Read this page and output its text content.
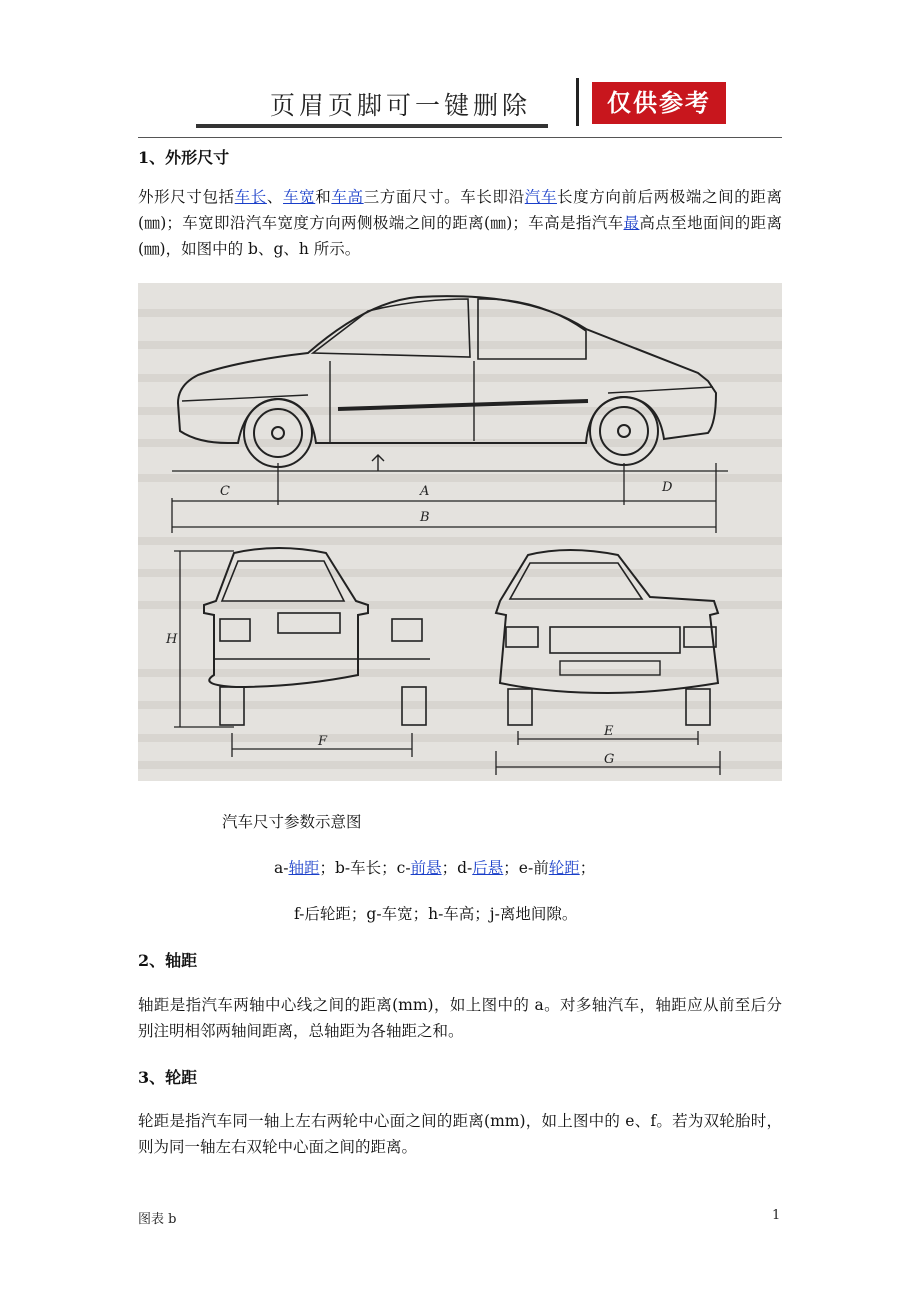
页眉页脚可一键删除	仅供参考
1、外形尺寸
外形尺寸包括车长、车宽和车高三方面尺寸。车长即沿汽车长度方向前后两极端之间的距离(㎜)；车宽即沿汽车宽度方向两侧极端之间的距离(㎜)；车高是指汽车最高点至地面间的距离(㎜)，如图中的 b、g、h 所示。
C	A	D
B
H
F
E
G
汽车尺寸参数示意图
a-轴距；b-车长；c-前悬；d-后悬；e-前轮距；
f-后轮距；g-车宽；h-车高；j-离地间隙。
2、轴距
轴距是指汽车两轴中心线之间的距离(mm)，如上图中的 a。对多轴汽车，轴距应从前至后分别注明相邻两轴间距离，总轴距为各轴距之和。
3、轮距
轮距是指汽车同一轴上左右两轮中心面之间的距离(mm)，如上图中的 e、f。若为双轮胎时，则为同一轴左右双轮中心面之间的距离。
图表 b	1
